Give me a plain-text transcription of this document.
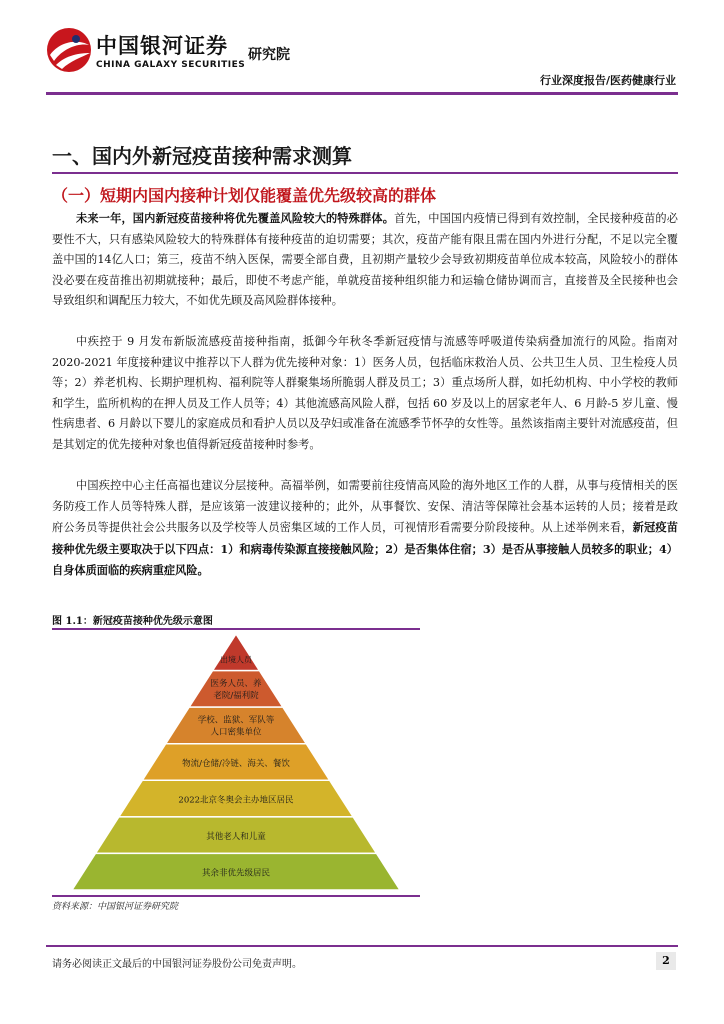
中国银河证券
CHINA GALAXY SECURITIES
研究院
行业深度报告/医药健康行业
一、国内外新冠疫苗接种需求测算
（一）短期内国内接种计划仅能覆盖优先级较高的群体
未来一年，国内新冠疫苗接种将优先覆盖风险较大的特殊群体。首先，中国国内疫情已得到有效控制，全民接种疫苗的必要性不大，只有感染风险较大的特殊群体有接种疫苗的迫切需要；其次，疫苗产能有限且需在国内外进行分配，不足以完全覆盖中国的14亿人口；第三，疫苗不纳入医保，需要全部自费，且初期产量较少会导致初期疫苗单位成本较高，风险较小的群体没必要在疫苗推出初期就接种；最后，即使不考虑产能，单就疫苗接种组织能力和运输仓储协调而言，直接普及全民接种也会导致组织和调配压力较大，不如优先顾及高风险群体接种。
中疾控于 9 月发布新版流感疫苗接种指南，抵御今年秋冬季新冠疫情与流感等呼吸道传染病叠加流行的风险。指南对 2020-2021 年度接种建议中推荐以下人群为优先接种对象：1）医务人员，包括临床救治人员、公共卫生人员、卫生检疫人员等；2）养老机构、长期护理机构、福利院等人群聚集场所脆弱人群及员工；3）重点场所人群，如托幼机构、中小学校的教师和学生，监所机构的在押人员及工作人员等；4）其他流感高风险人群，包括 60 岁及以上的居家老年人、6 月龄-5 岁儿童、慢性病患者、6 月龄以下婴儿的家庭成员和看护人员以及孕妇或准备在流感季节怀孕的女性等。虽然该指南主要针对流感疫苗，但是其划定的优先接种对象也值得新冠疫苗接种时参考。
中国疾控中心主任高福也建议分层接种。高福举例，如需要前往疫情高风险的海外地区工作的人群，从事与疫情相关的医务防疫工作人员等特殊人群，是应该第一波建议接种的；此外，从事餐饮、安保、清洁等保障社会基本运转的人员；接着是政府公务员等提供社会公共服务以及学校等人员密集区域的工作人员，可视情形看需要分阶段接种。从上述举例来看，新冠疫苗接种优先级主要取决于以下四点：1）和病毒传染源直接接触风险；2）是否集体住宿；3）是否从事接触人员较多的职业；4）自身体质面临的疾病重症风险。
图 1.1：新冠疫苗接种优先级示意图
出境人员
医务人员、养
老院/福利院
学校、监狱、军队等
人口密集单位
物流/仓储/冷链、海关、餐饮
2022北京冬奥会主办地区居民
其他老人和儿童
其余非优先级居民
资料来源：中国银河证券研究院
请务必阅读正文最后的中国银河证券股份公司免责声明。	2
